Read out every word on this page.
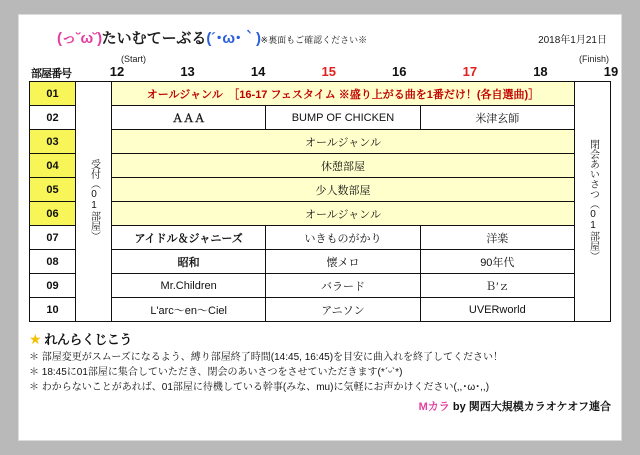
(っ˘ω˘)たいむてーぶる(´･ω･｀)※裏面もご確認ください※	2018年1月21日
部屋番号
(Start)	(Finish)
12	13	14	15	16	17	18	19
01	受付（01部屋）	オールジャンル　［16-17 フェスタイム ※盛り上がる曲を1番だけ！(各自選曲)］			閉会あいさつ（01部屋）
02		ＡＡＡ	BUMP OF CHICKEN	米津玄師	
03		オールジャンル			
04		休憩部屋			
05		少人数部屋			
06		オールジャンル			
07		アイドル＆ジャニーズ	いきものがかり	洋楽	
08		昭和	懐メロ	90年代	
09		Mr.Children	バラード	Ｂ′ｚ	
10		L'arc～en～Ciel	アニソン	UVERworld	
★ れんらくじこう
＊ 部屋変更がスムーズになるよう、縛り部屋終了時間(14:45, 16:45)を目安に曲入れを終了してください！
＊ 18:45に01部屋に集合していただき、閉会のあいさつをさせていただきます(*ˊᵕˋ*)
＊ わからないことがあれば、01部屋に待機している幹事(みな、mu)に気軽にお声かけください(,,･ω･,,)
Mカラ by 関西大規模カラオケオフ連合
